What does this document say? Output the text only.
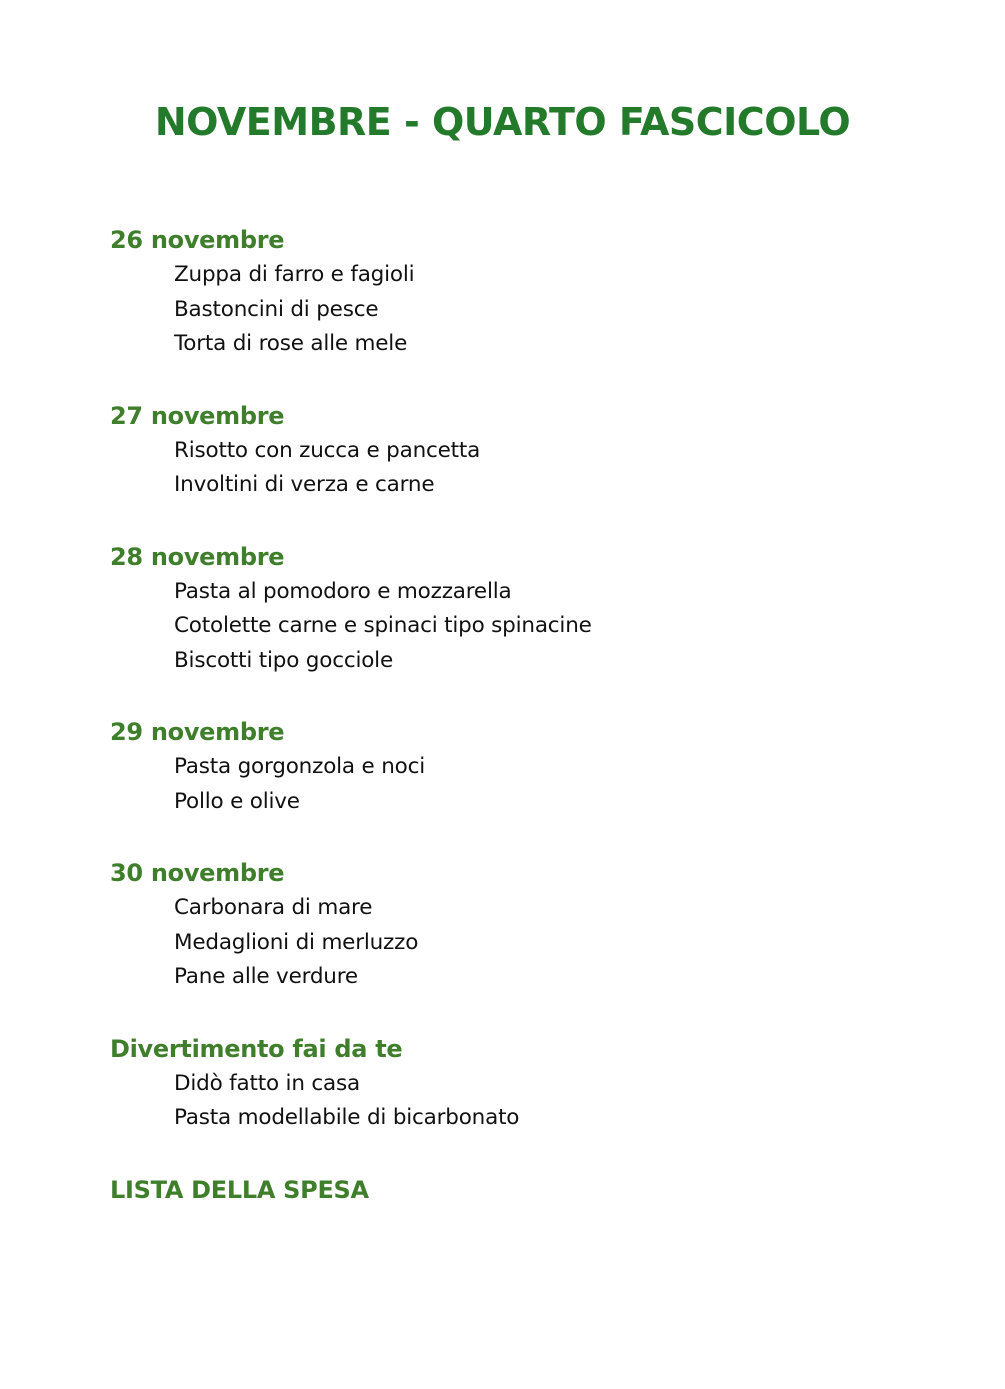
NOVEMBRE - QUARTO FASCICOLO
26 novembre
Zuppa di farro e fagioli
Bastoncini di pesce
Torta di rose alle mele
27 novembre
Risotto con zucca e pancetta
Involtini di verza e carne
28 novembre
Pasta al pomodoro e mozzarella
Cotolette carne e spinaci tipo spinacine
Biscotti tipo gocciole
29 novembre
Pasta gorgonzola e noci
Pollo e olive
30 novembre
Carbonara di mare
Medaglioni di merluzzo
Pane alle verdure
Divertimento fai da te
Didò fatto in casa
Pasta modellabile di bicarbonato
LISTA DELLA SPESA
